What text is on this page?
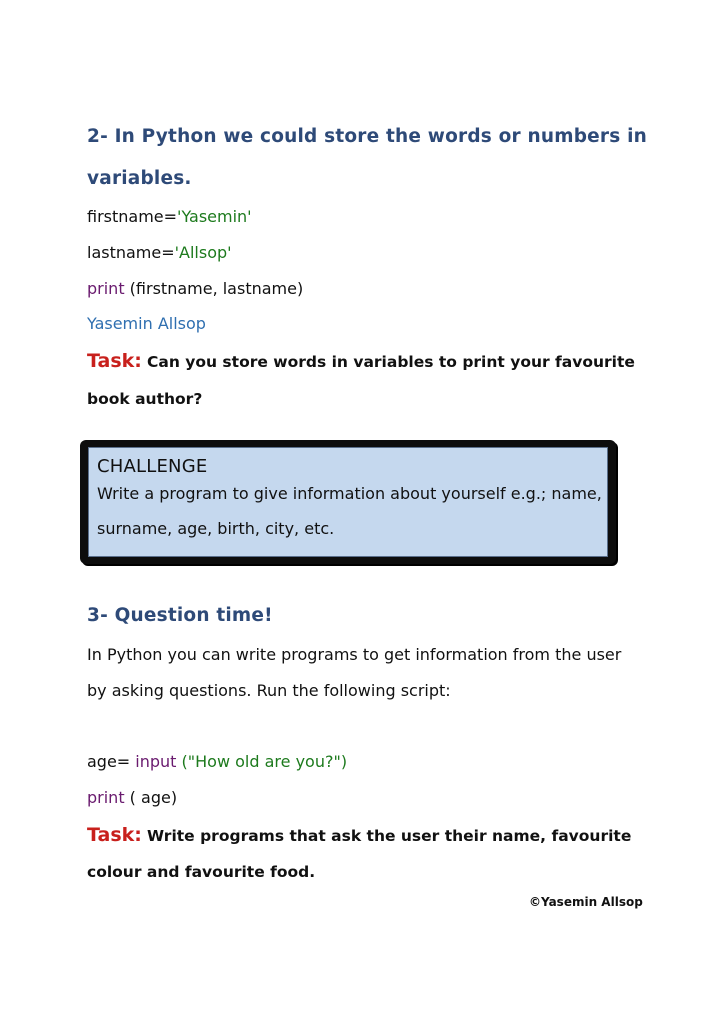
2- In Python we could store the words or numbers in
variables.
firstname='Yasemin'
lastname='Allsop'
print (firstname, lastname)
Yasemin Allsop
Task: Can you store words in variables to print your favourite
book author?
CHALLENGE
Write a program to give information about yourself e.g.; name,
surname, age, birth, city, etc.
3- Question time!
In Python you can write programs to get information from the user
by asking questions. Run the following script:
age= input ("How old are you?")
print ( age)
Task: Write programs that ask the user their name, favourite
colour and favourite food.
©Yasemin Allsop
